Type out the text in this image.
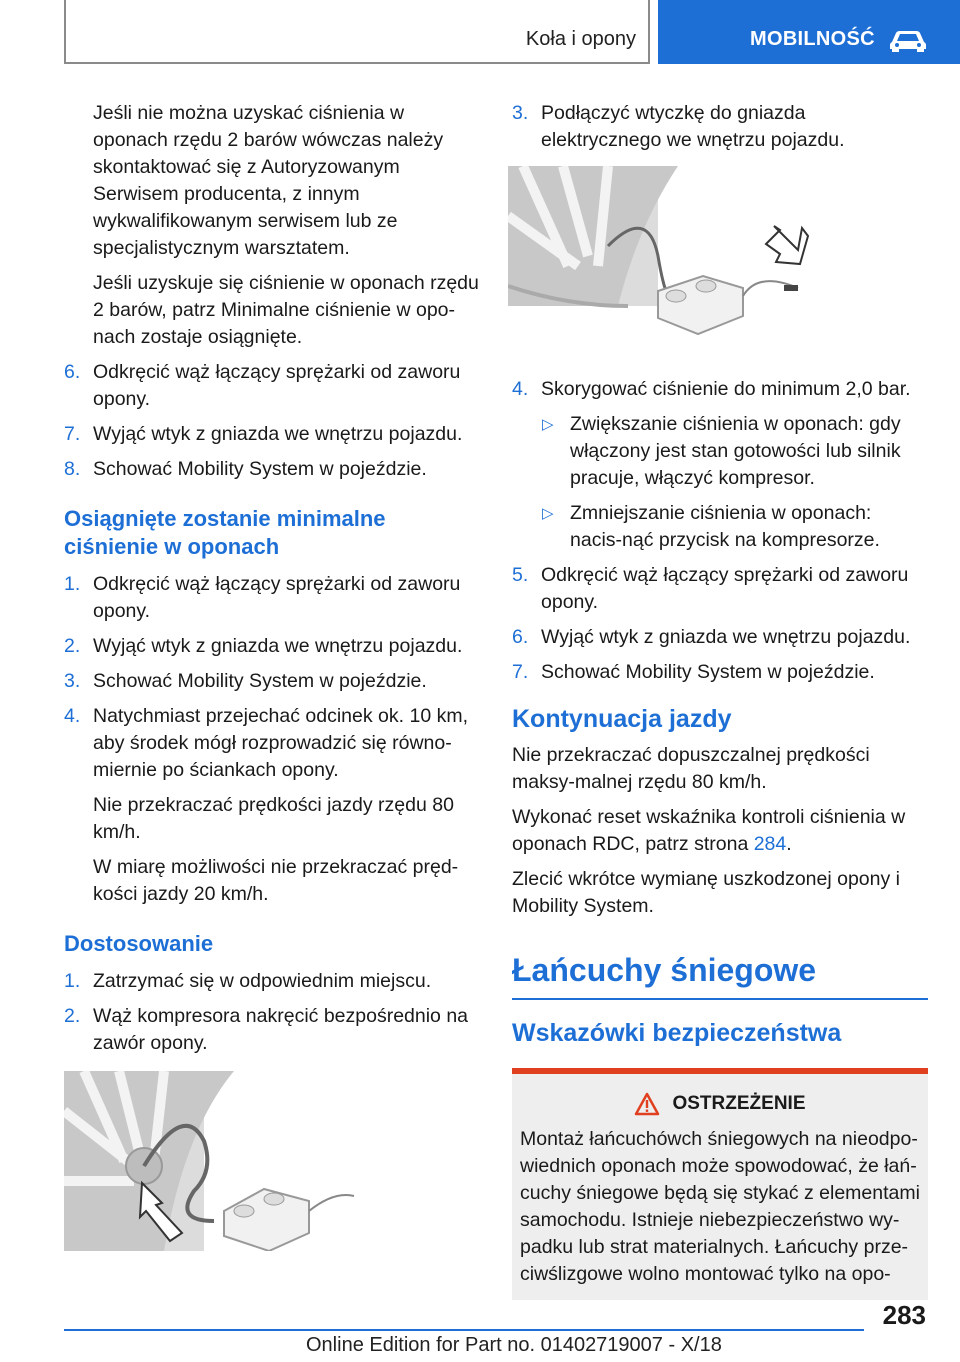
Koła i opony	MOBILNOŚĆ

Jeśli nie można uzyskać ciśnienia w oponach rzędu 2 barów wówczas należy skontaktować się z Autoryzowanym Serwisem producenta, z innym wykwalifikowanym serwisem lub ze specjalistycznym warsztatem.

Jeśli uzyskuje się ciśnienie w oponach rzędu 2 barów, patrz Minimalne ciśnienie w opo‐nach zostaje osiągnięte.

6. Odkręcić wąż łączący sprężarki od zaworu opony.
7. Wyjąć wtyk z gniazda we wnętrzu pojazdu.
8. Schować Mobility System w pojeździe.
Osiągnięte zostanie minimalne ciśnienie w oponach
1. Odkręcić wąż łączący sprężarki od zaworu opony.
2. Wyjąć wtyk z gniazda we wnętrzu pojazdu.
3. Schować Mobility System w pojeździe.
4. Natychmiast przejechać odcinek ok. 10 km, aby środek mógł rozprowadzić się równo‐miernie po ściankach opony.

Nie przekraczać prędkości jazdy rzędu 80 km/h.

W miarę możliwości nie przekraczać pręd‐kości jazdy 20 km/h.

Dostosowanie
1. Zatrzymać się w odpowiednim miejscu.
2. Wąż kompresora nakręcić bezpośrednio na zawór opony.
3. Podłączyć wtyczkę do gniazda elektrycznego we wnętrzu pojazdu.
4. Skorygować ciśnienie do minimum 2,0 bar.
▷ Zwiększanie ciśnienia w oponach: gdy włączony jest stan gotowości lub silnik pracuje, włączyć kompresor.
▷ Zmniejszanie ciśnienia w oponach: nacis‐nąć przycisk na kompresorze.
5. Odkręcić wąż łączący sprężarki od zaworu opony.
6. Wyjąć wtyk z gniazda we wnętrzu pojazdu.
7. Schować Mobility System w pojeździe.
Kontynuacja jazdy

Nie przekraczać dopuszczalnej prędkości maksy‐malnej rzędu 80 km/h.

Wykonać reset wskaźnika kontroli ciśnienia w oponach RDC, patrz strona 284.

Zlecić wkrótce wymianę uszkodzonej opony i Mobility System.

Łańcuchy śniegowe
Wskazówki bezpieczeństwa
OSTRZEŻENIE

Montaż łańcuchówch śniegowych na nieodpo‐wiednich oponach może spowodować, że łań‐cuchy śniegowe będą się stykać z elementami samochodu. Istnieje niebezpieczeństwo wy‐padku lub strat materialnych. Łańcuchy prze‐ciwślizgowe wolno montować tylko na opo‐

283
Online Edition for Part no. 01402719007 - X/18
